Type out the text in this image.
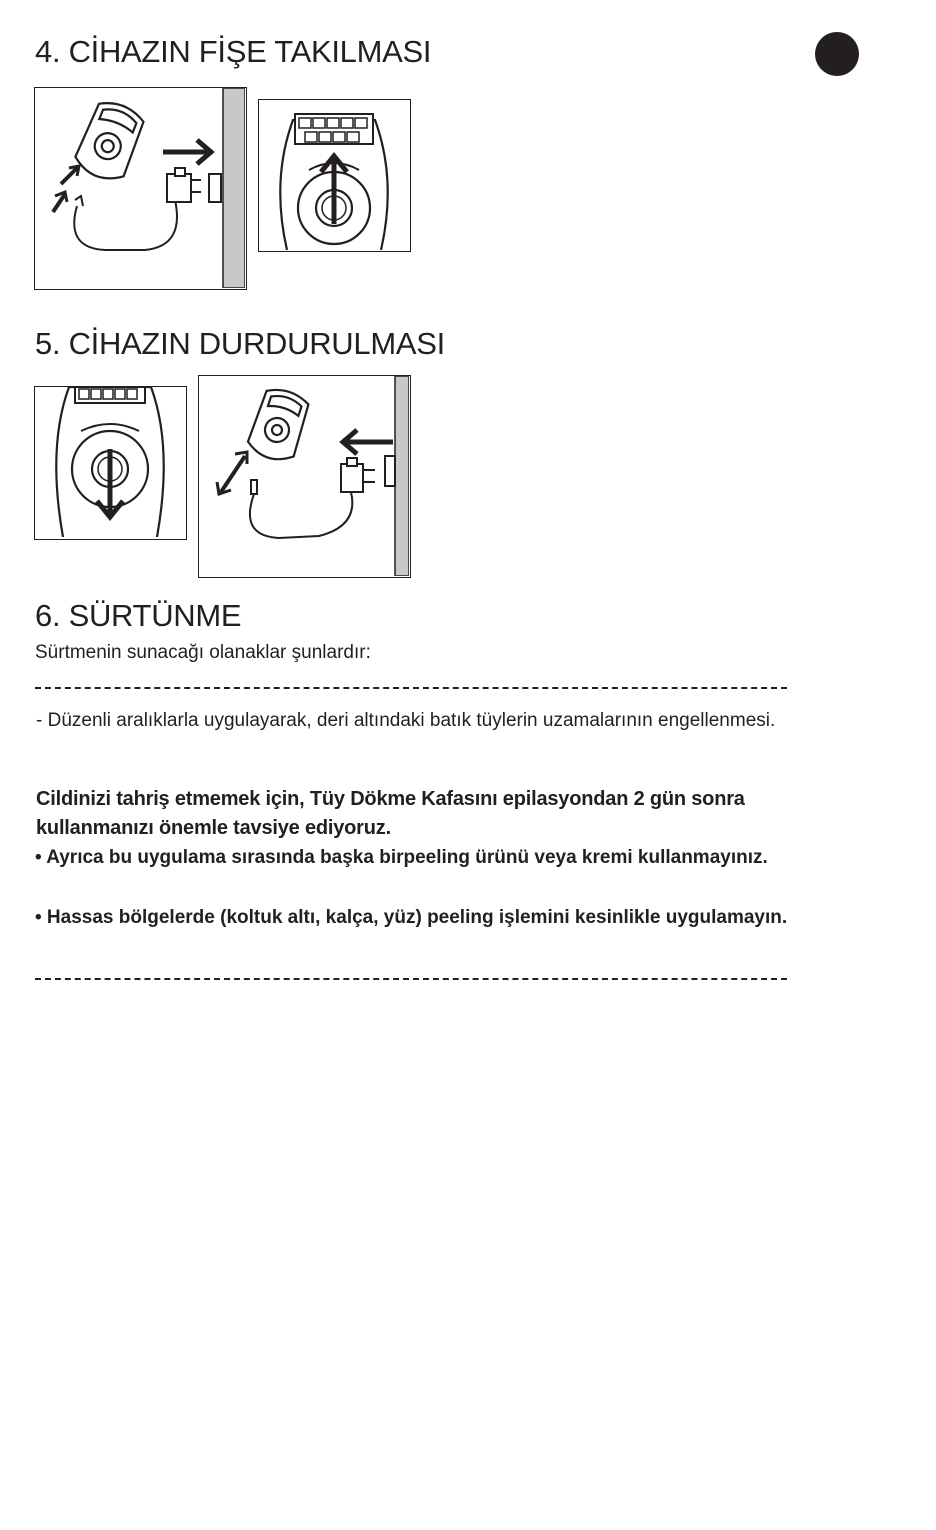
4. CİHAZIN FİŞE TAKILMASI
5. CİHAZIN DURDURULMASI
6. SÜRTÜNME

Sürtmenin sunacağı olanaklar şunlardır:

- Düzenli aralıklarla uygulayarak, deri altındaki batık tüylerin uzamalarının engellenmesi.

Cildinizi tahriş etmemek için, Tüy Dökme Kafasını epilasyondan 2 gün sonra kullanmanızı önemle tavsiye ediyoruz.

• Ayrıca bu uygulama sırasında başka birpeeling ürünü veya kremi kullanmayınız.

• Hassas bölgelerde (koltuk altı, kalça, yüz) peeling işlemini kesinlikle uygulamayın.
